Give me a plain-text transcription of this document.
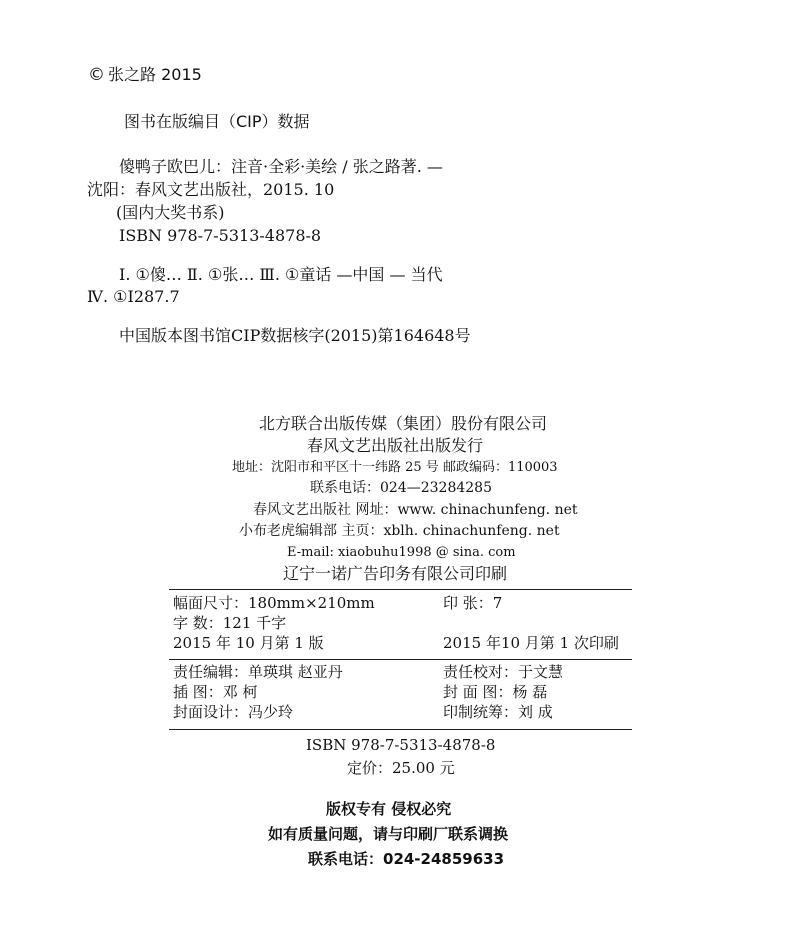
© 张之路 2015
图书在版编目（CIP）数据
傻鸭子欧巴儿：注音·全彩·美绘 / 张之路著. —
沈阳：春风文艺出版社，2015. 10
(国内大奖书系)
ISBN 978-7-5313-4878-8
Ⅰ. ①傻… Ⅱ. ①张… Ⅲ. ①童话 —中国 — 当代
Ⅳ. ①I287.7
中国版本图书馆CIP数据核字(2015)第164648号
北方联合出版传媒（集团）股份有限公司
春风文艺出版社出版发行
地址：沈阳市和平区十一纬路 25 号 邮政编码：110003
联系电话：024—23284285
春风文艺出版社 网址：www. chinachunfeng. net
小布老虎编辑部 主页：xblh. chinachunfeng. net
E-mail: xiaobuhu1998 @ sina. com
辽宁一诺广告印务有限公司印刷
幅面尺寸：180mm×210mm	印 张：7
字 数：121 千字
2015 年 10 月第 1 版	2015 年10 月第 1 次印刷
责任编辑：单瑛琪 赵亚丹	责任校对：于文慧
插 图：邓 柯	封 面 图：杨 磊
封面设计：冯少玲	印制统筹：刘 成
ISBN 978-7-5313-4878-8
定价：25.00 元
版权专有 侵权必究
如有质量问题，请与印刷厂联系调换
联系电话：024-24859633
